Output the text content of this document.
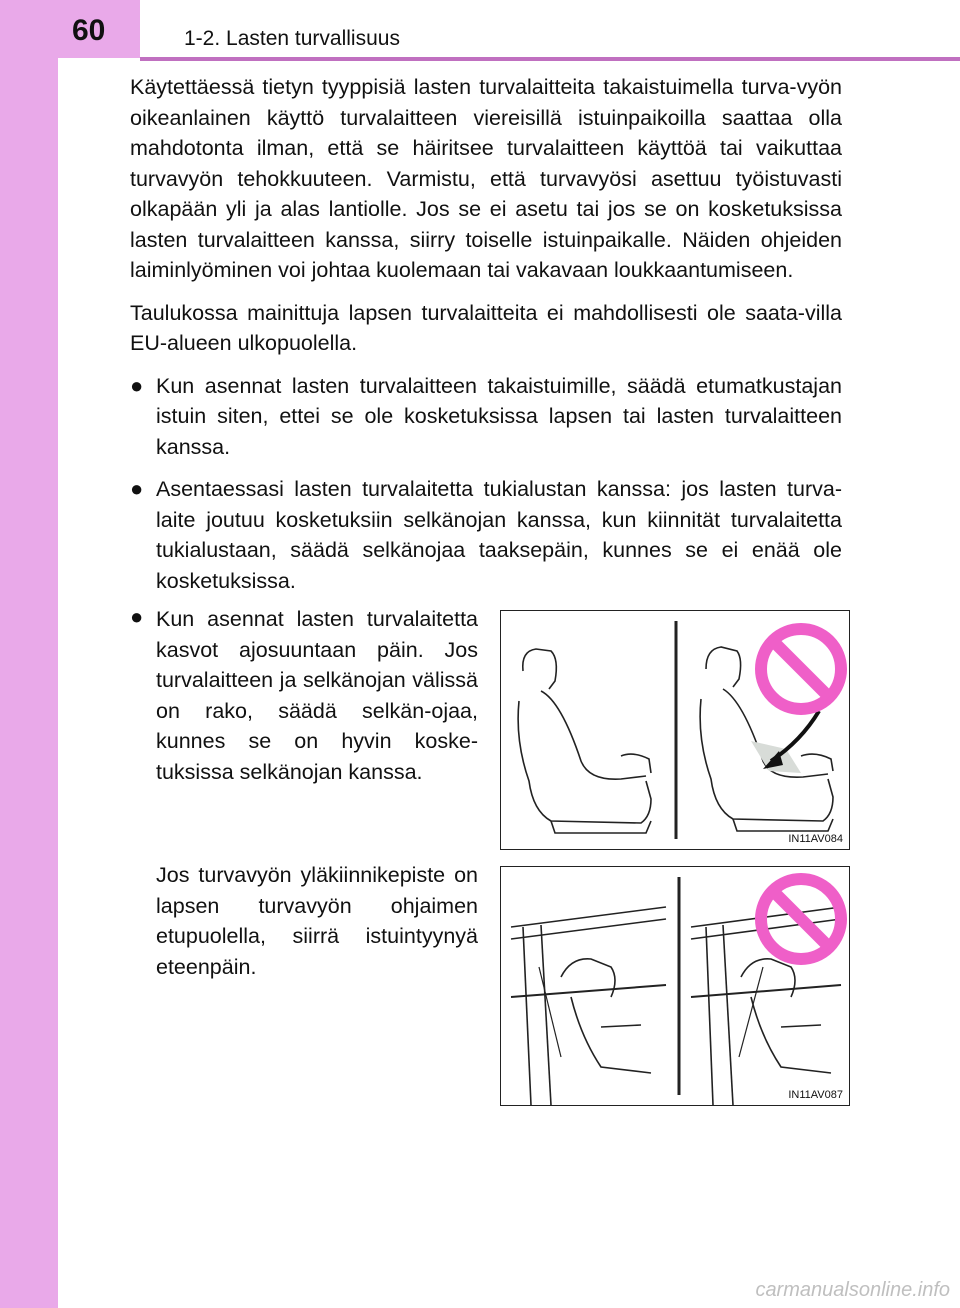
60	1-2. Lasten turvallisuus

Käytettäessä tietyn tyyppisiä lasten turvalaitteita takaistuimella turva-vyön oikeanlainen käyttö turvalaitteen viereisillä istuinpaikoilla saattaa olla mahdotonta ilman, että se häiritsee turvalaitteen käyttöä tai vaikuttaa turvavyön tehokkuuteen. Varmistu, että turvavyösi asettuu työistuvasti olkapään yli ja alas lantiolle. Jos se ei asetu tai jos se on kosketuksissa lasten turvalaitteen kanssa, siirry toiselle istuinpaikalle. Näiden ohjeiden laiminlyöminen voi johtaa kuolemaan tai vakavaan loukkaantumiseen.

Taulukossa mainittuja lapsen turvalaitteita ei mahdollisesti ole saata-villa EU-alueen ulkopuolella.

● Kun asennat lasten turvalaitteen takaistuimille, säädä etumatkustajan istuin siten, ettei se ole kosketuksissa lapsen tai lasten turvalaitteen kanssa.
● Asentaessasi lasten turvalaitetta tukialustan kanssa: jos lasten turva-laite joutuu kosketuksiin selkänojan kanssa, kun kiinnität turvalaitetta tukialustaan, säädä selkänojaa taaksepäin, kunnes se ei enää ole kosketuksissa.
● Kun asennat lasten turvalaitetta kasvot ajosuuntaan päin. Jos turvalaitteen ja selkänojan välissä on rako, säädä selkän-ojaa, kunnes se on hyvin koske-tuksissa selkänojan kanssa.
Jos turvavyön yläkiinnikepiste on lapsen turvavyön ohjaimen etupuolella, siirrä istuintyynyä eteenpäin.
IN11AV084
IN11AV087
carmanualsonline.info
